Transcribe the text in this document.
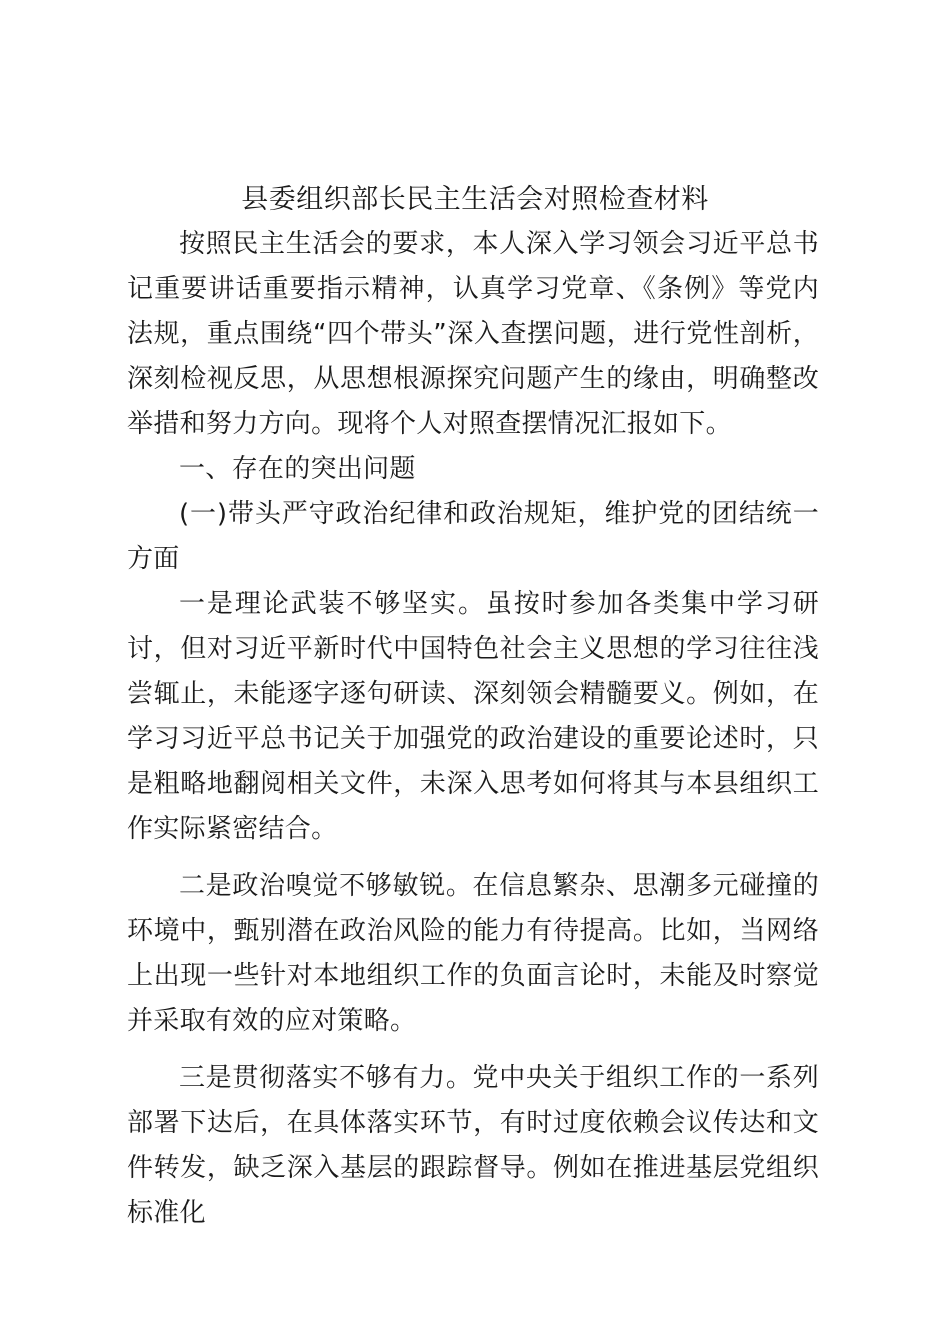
县委组织部长民主生活会对照检查材料

按照民主生活会的要求，本人深入学习领会习近平总书记重要讲话重要指示精神，认真学习党章、《条例》等党内法规，重点围绕“四个带头”深入查摆问题，进行党性剖析，深刻检视反思，从思想根源探究问题产生的缘由，明确整改举措和努力方向。现将个人对照查摆情况汇报如下。

一、存在的突出问题

(一)带头严守政治纪律和政治规矩，维护党的团结统一方面

一是理论武装不够坚实。虽按时参加各类集中学习研讨，但对习近平新时代中国特色社会主义思想的学习往往浅尝辄止，未能逐字逐句研读、深刻领会精髓要义。例如，在学习习近平总书记关于加强党的政治建设的重要论述时，只是粗略地翻阅相关文件，未深入思考如何将其与本县组织工作实际紧密结合。

二是政治嗅觉不够敏锐。在信息繁杂、思潮多元碰撞的环境中，甄别潜在政治风险的能力有待提高。比如，当网络上出现一些针对本地组织工作的负面言论时，未能及时察觉并采取有效的应对策略。

三是贯彻落实不够有力。党中央关于组织工作的一系列部署下达后，在具体落实环节，有时过度依赖会议传达和文件转发，缺乏深入基层的跟踪督导。例如在推进基层党组织标准化
